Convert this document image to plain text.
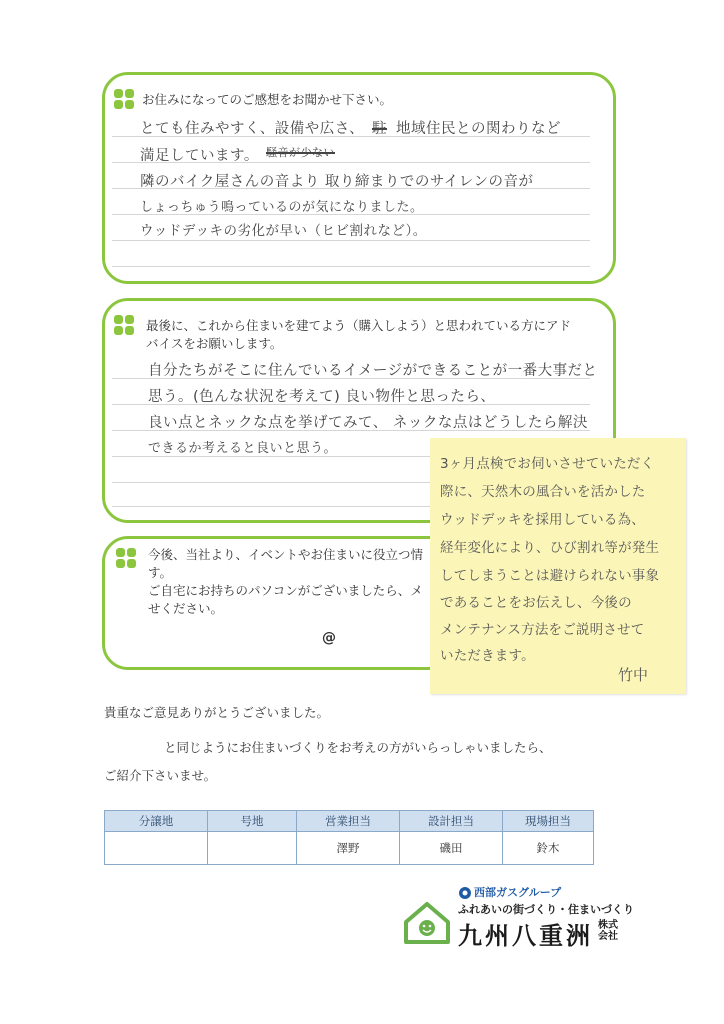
お住みになってのご感想をお聞かせ下さい。
とても住みやすく、設備や広さ、 駐 地域住民との関わりなど
満足しています。 騒音が少ない
隣のバイク屋さんの音より 取り締まりでのサイレンの音が
しょっちゅう鳴っているのが気になりました。
ウッドデッキの劣化が早い（ヒビ割れなど）。
最後に、これから住まいを建てよう（購入しよう）と思われている方にアド
バイスをお願いします。
自分たちがそこに住んでいるイメージができることが一番大事だと
思う。(色んな状況を考えて) 良い物件と思ったら、
良い点とネックな点を挙げてみて、 ネックな点はどうしたら解決
できるか考えると良いと思う。
今後、当社より、イベントやお住まいに役立つ情
す。
ご自宅にお持ちのパソコンがございましたら、メ
せください。
@
3ヶ月点検でお伺いさせていただく
際に、天然木の風合いを活かした
ウッドデッキを採用している為、
経年変化により、ひび割れ等が発生
してしまうことは避けられない事象
であることをお伝えし、今後の
メンテナンス方法をご説明させて
いただきます。
竹中
貴重なご意見ありがとうございました。
と同じようにお住まいづくりをお考えの方がいらっしゃいましたら、
ご紹介下さいませ。
分譲地	号地	営業担当	設計担当	現場担当
		澤野	磯田	鈴木
西部ガスグループ
ふれあいの街づくり・住まいづくり
九州八重洲 株式会社
